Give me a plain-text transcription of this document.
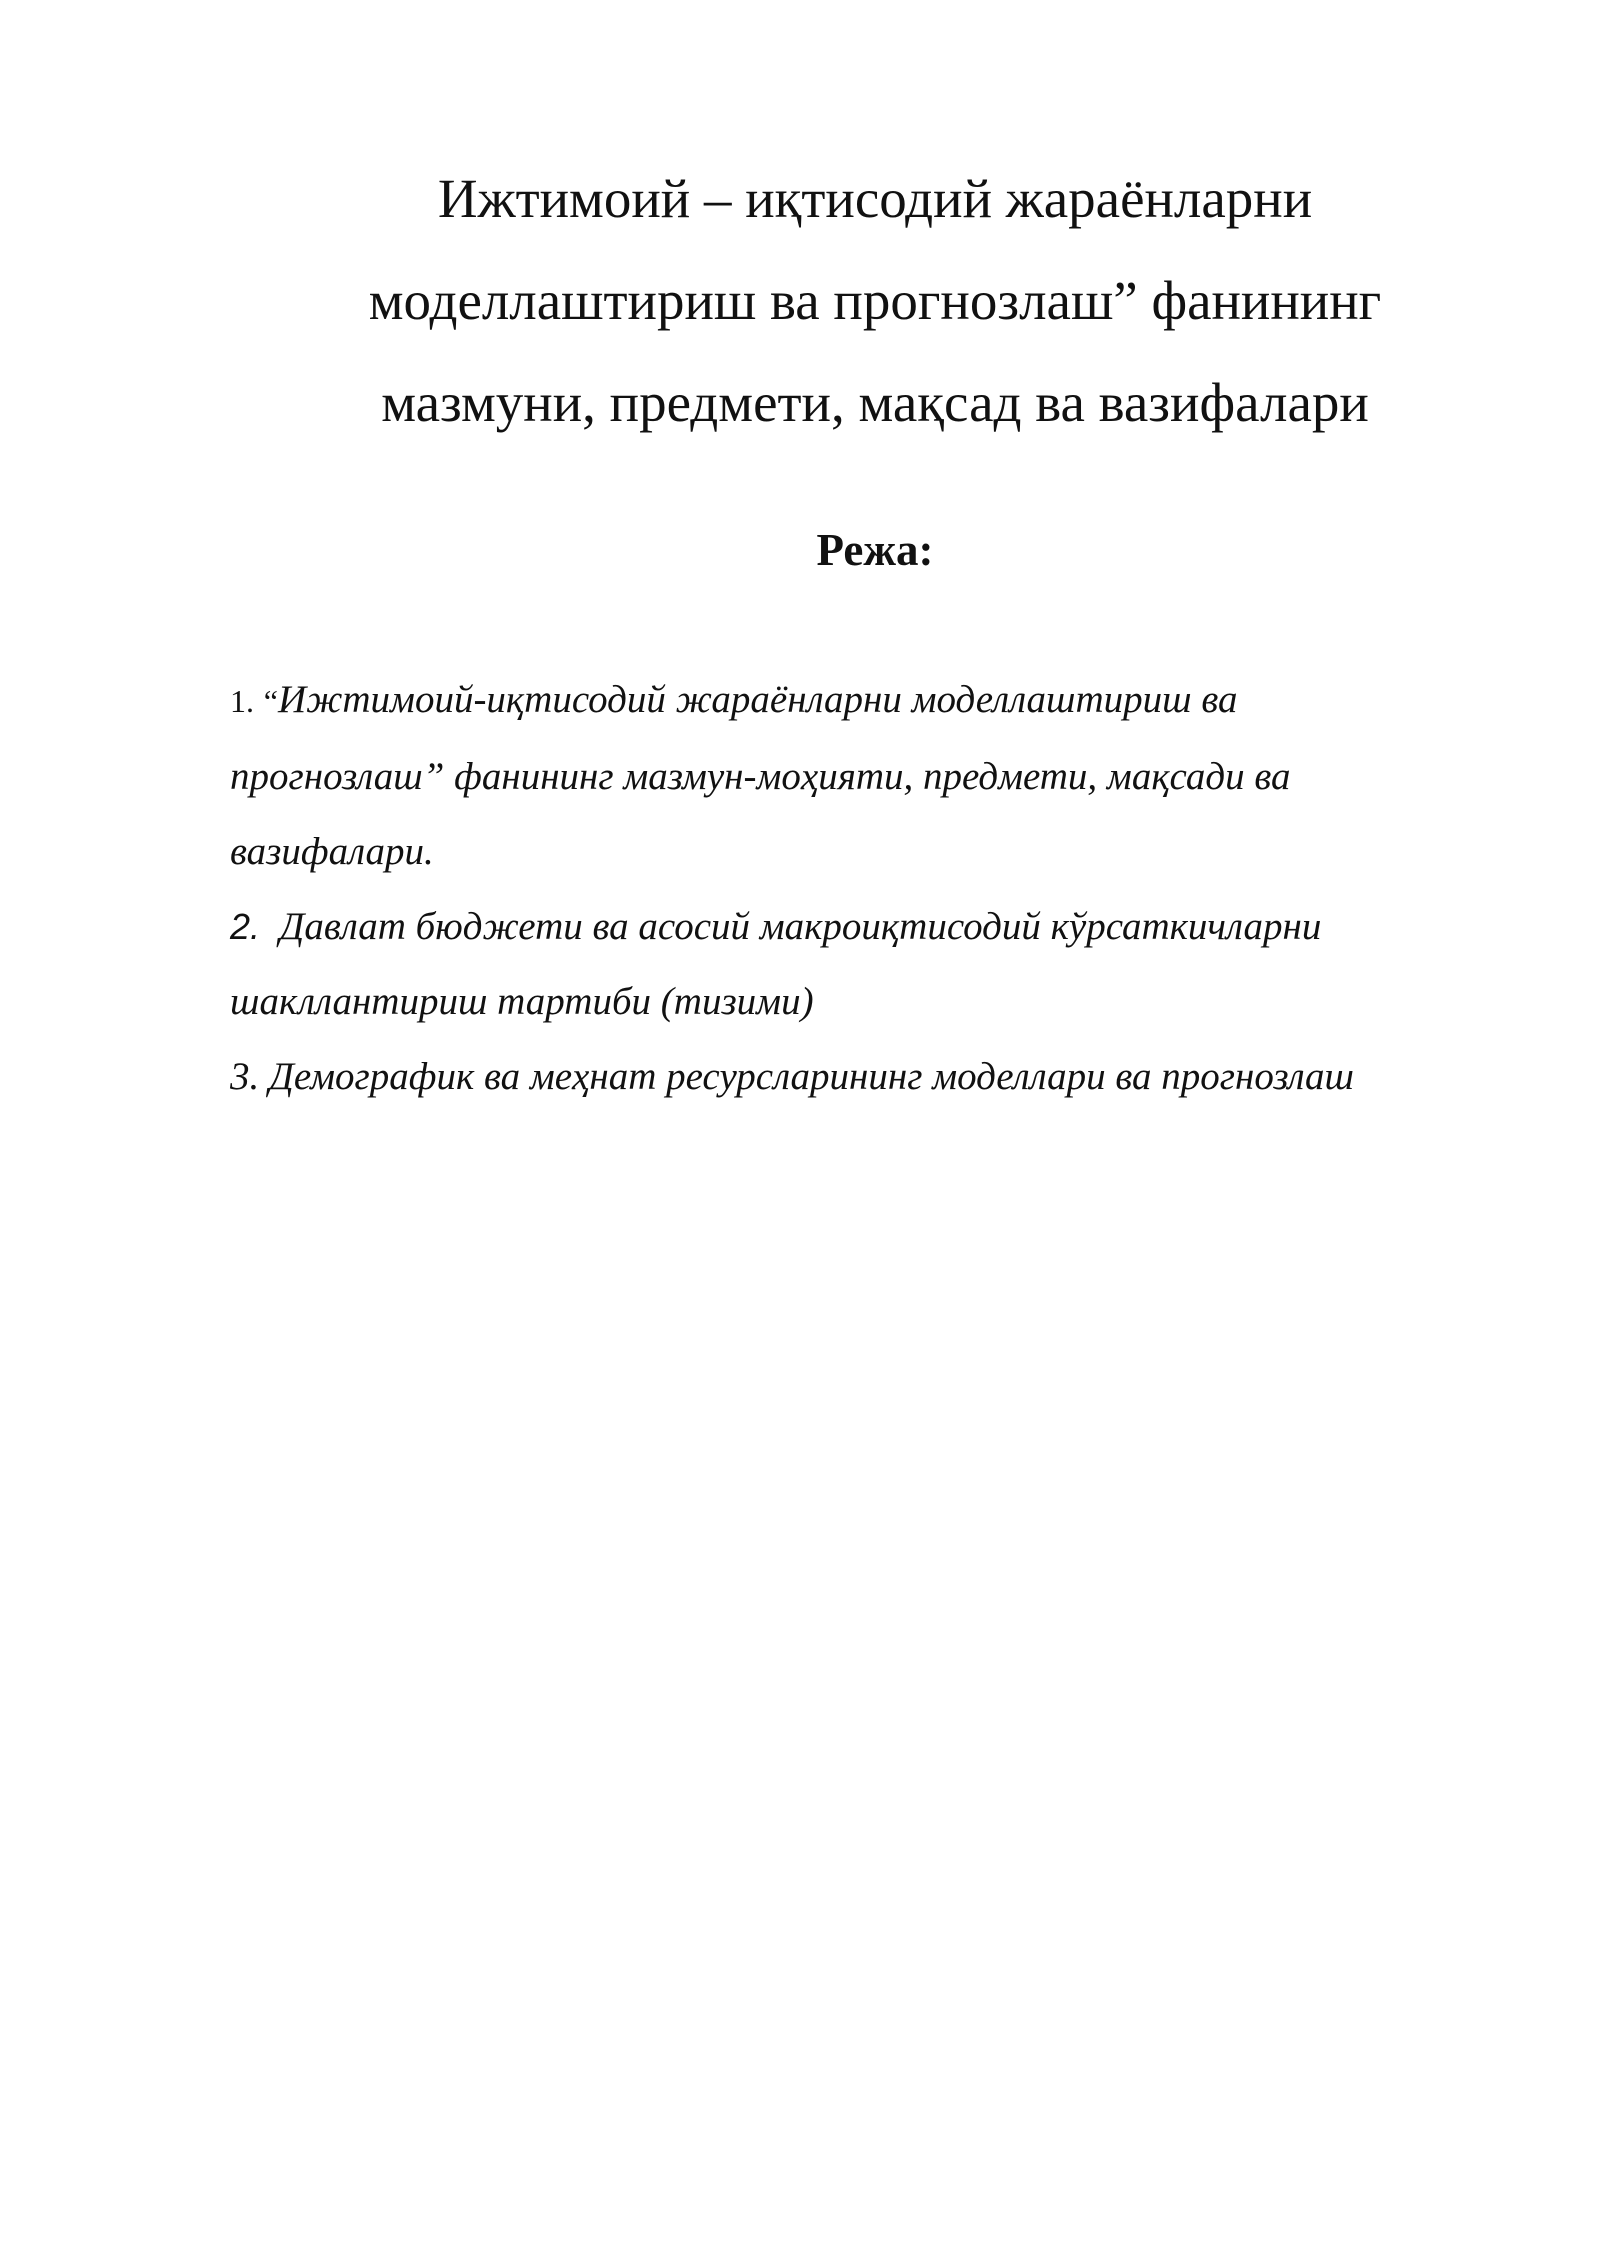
Ижтимоий – иқтисодий жараёнларни
моделлаштириш ва прогнозлаш” фанининг
мазмуни, предмети, мақсад ва вазифалари
Режа:
1. “Ижтимоий-иқтисодий жараёнларни моделлаштириш ва
прогнозлаш” фанининг мазмун-моҳияти, предмети, мақсади ва
вазифалари.
2. Давлат бюджети ва асосий макроиқтисодий кўрсаткичларни
шакллантириш тартиби (тизими)
3. Демографик ва меҳнат ресурсларининг моделлари ва прогнозлаш
